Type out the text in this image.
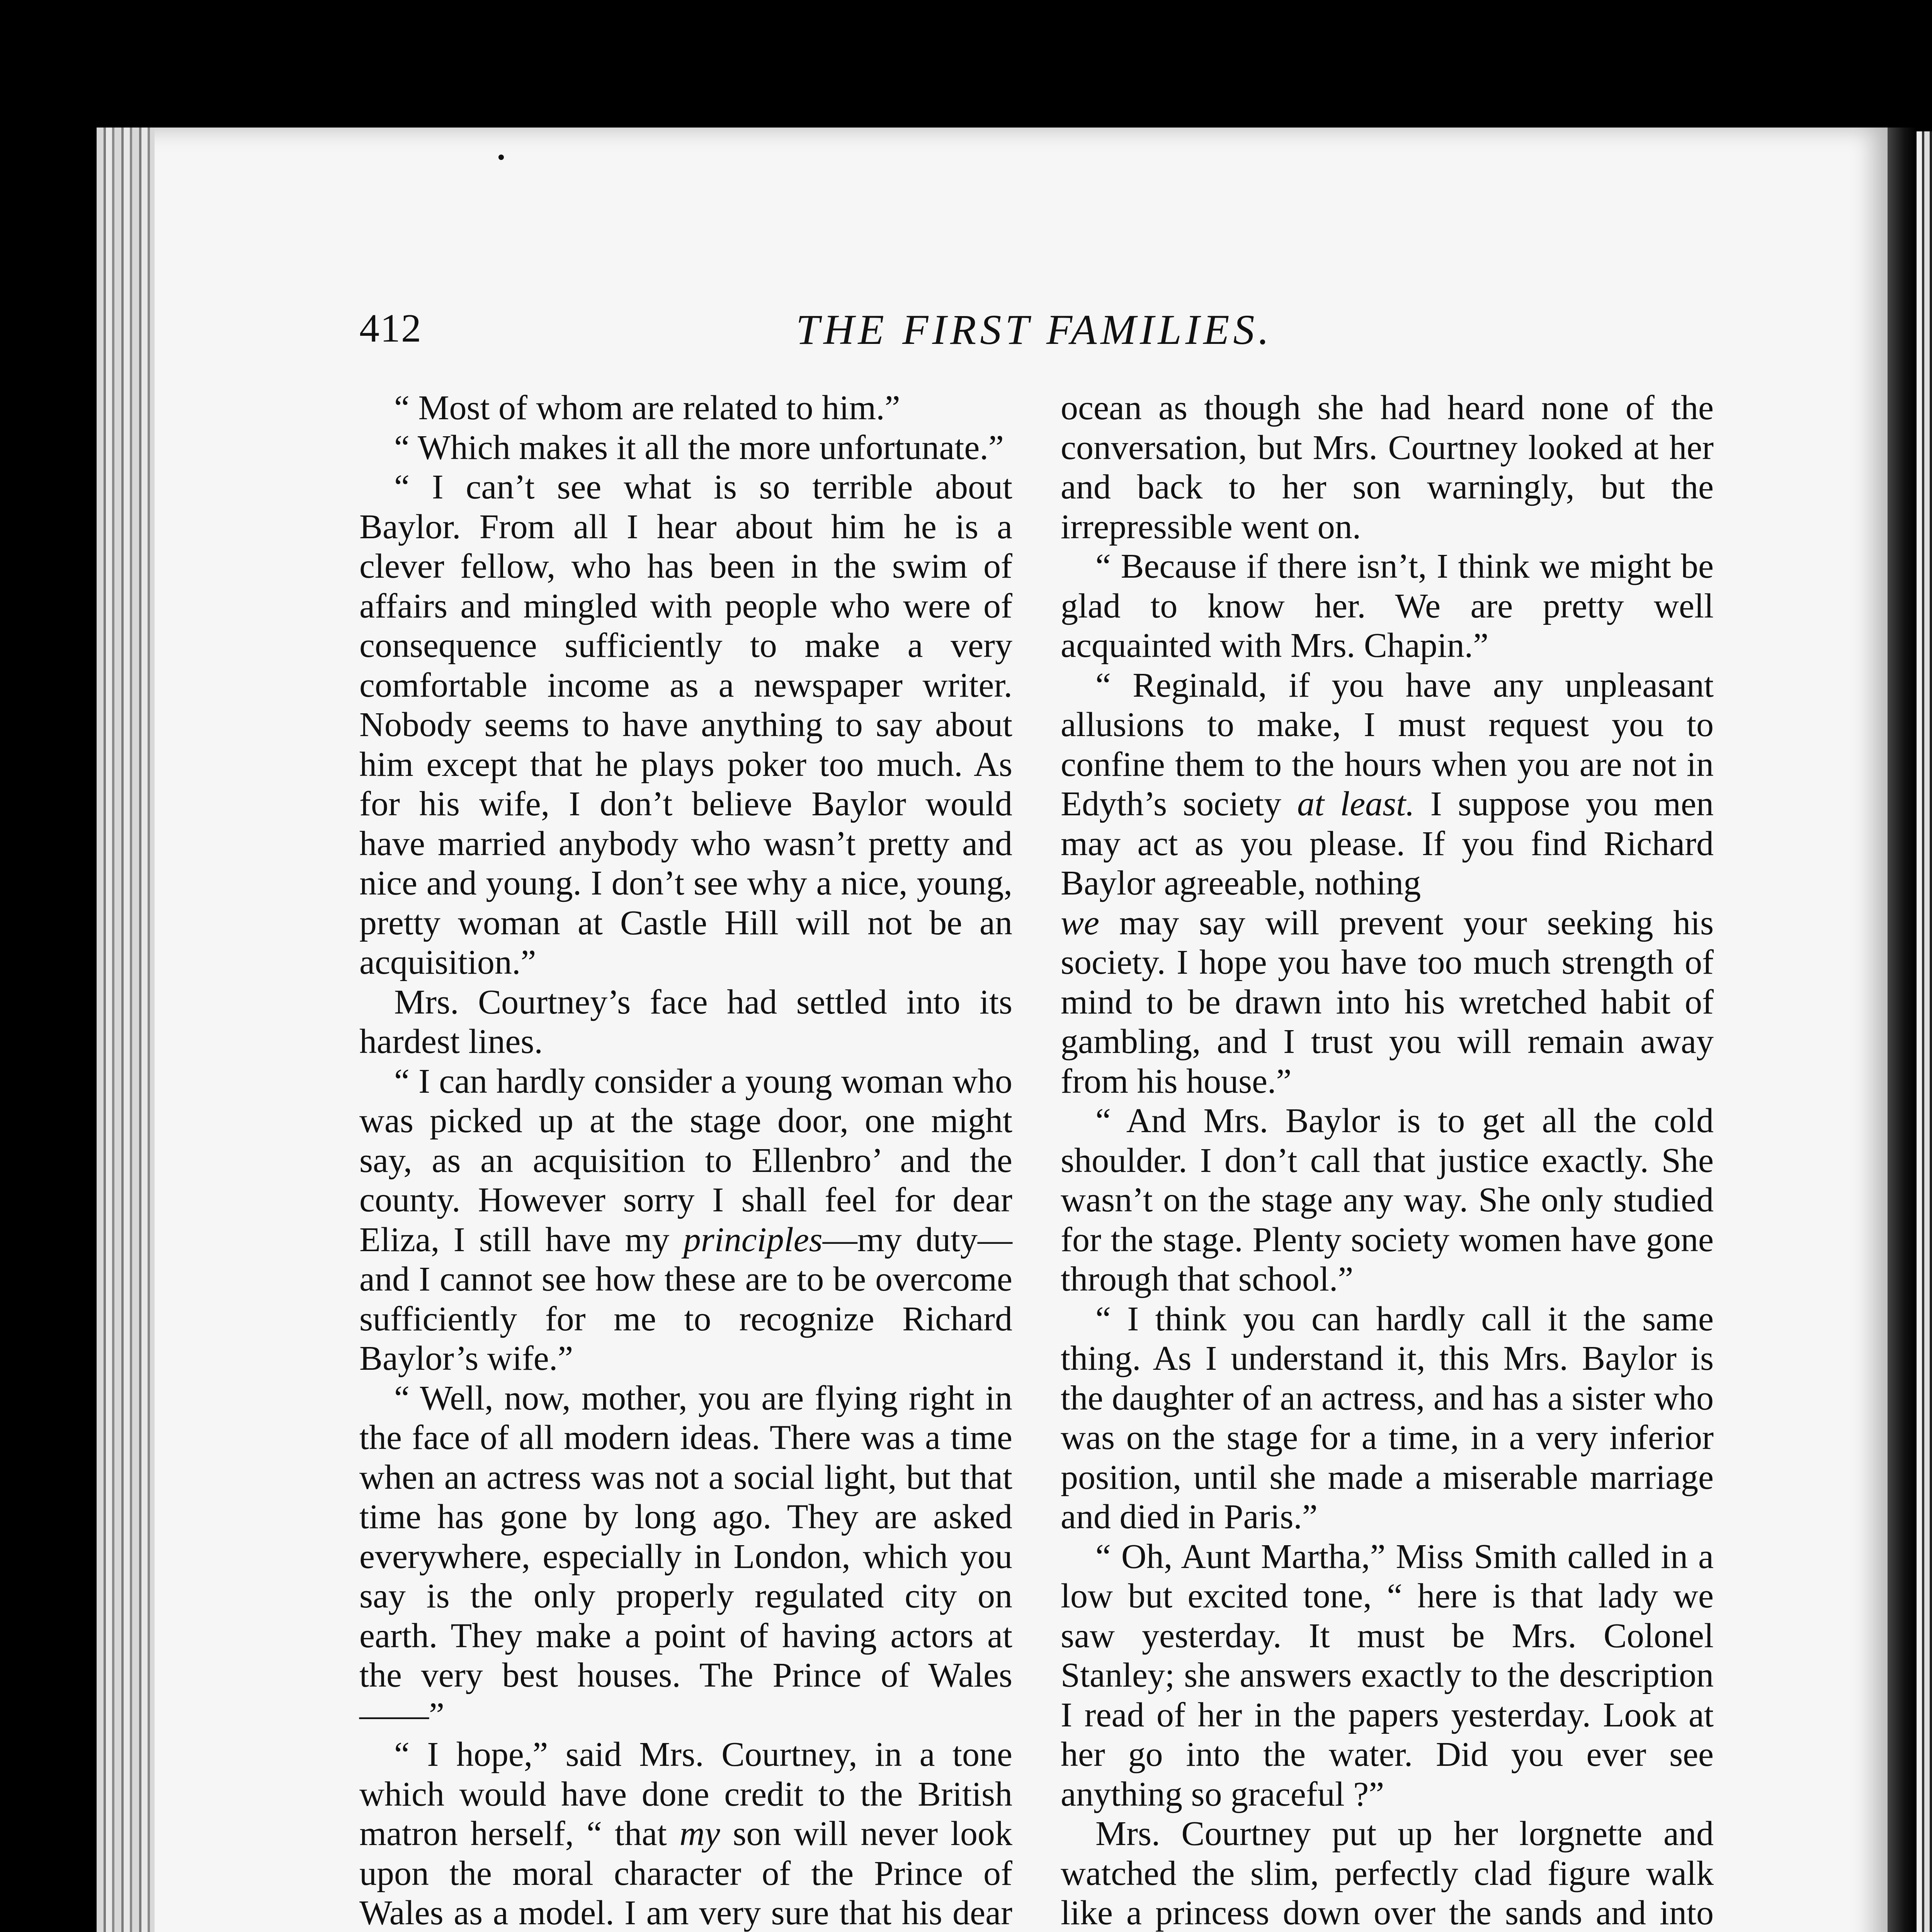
412	THE FIRST FAMILIES.

“ Most of whom are related to him.”

“ Which makes it all the more unfortunate.”

“ I can’t see what is so terrible about Baylor. From all I hear about him he is a clever fellow, who has been in the swim of affairs and mingled with people who were of consequence sufficiently to make a very comfortable income as a newspaper writer. Nobody seems to have anything to say about him except that he plays poker too much. As for his wife, I don’t believe Baylor would have married anybody who wasn’t pretty and nice and young. I don’t see why a nice, young, pretty woman at Castle Hill will not be an acquisition.”

Mrs. Courtney’s face had settled into its hardest lines.

“ I can hardly consider a young woman who was picked up at the stage door, one might say, as an acquisition to Ellenbro’ and the county. However sorry I shall feel for dear Eliza, I still have my principles—my duty—and I cannot see how these are to be overcome sufficiently for me to recognize Richard Baylor’s wife.”

“ Well, now, mother, you are flying right in the face of all modern ideas. There was a time when an actress was not a social light, but that time has gone by long ago. They are asked everywhere, especially in London, which you say is the only properly regulated city on earth. They make a point of having actors at the very best houses. The Prince of Wales——”

“ I hope,” said Mrs. Courtney, in a tone which would have done credit to the British matron herself, “ that my son will never look upon the moral character of the Prince of Wales as a model. I am very sure that his dear

ocean as though she had heard none of the conversation, but Mrs. Courtney looked at her and back to her son warningly, but the irrepressible went on.

“ Because if there isn’t, I think we might be glad to know her. We are pretty well acquainted with Mrs. Chapin.”

“ Reginald, if you have any unpleasant allusions to make, I must request you to confine them to the hours when you are not in Edyth’s society at least. I suppose you men may act as you please. If you find Richard Baylor agreeable, nothing

we may say will prevent your seeking his society. I hope you have too much strength of mind to be drawn into his wretched habit of gambling, and I trust you will remain away from his house.”

“ And Mrs. Baylor is to get all the cold shoulder. I don’t call that justice exactly. She wasn’t on the stage any way. She only studied for the stage. Plenty society women have gone through that school.”

“ I think you can hardly call it the same thing. As I understand it, this Mrs. Baylor is the daughter of an actress, and has a sister who was on the stage for a time, in a very inferior position, until she made a miserable marriage and died in Paris.”

“ Oh, Aunt Martha,” Miss Smith called in a low but excited tone, “ here is that lady we saw yesterday. It must be Mrs. Colonel Stanley; she answers exactly to the description I read of her in the papers yesterday. Look at her go into the water. Did you ever see anything so graceful ?”

Mrs. Courtney put up her lorgnette and watched the slim, perfectly clad figure walk like a princess down over the sands and into
